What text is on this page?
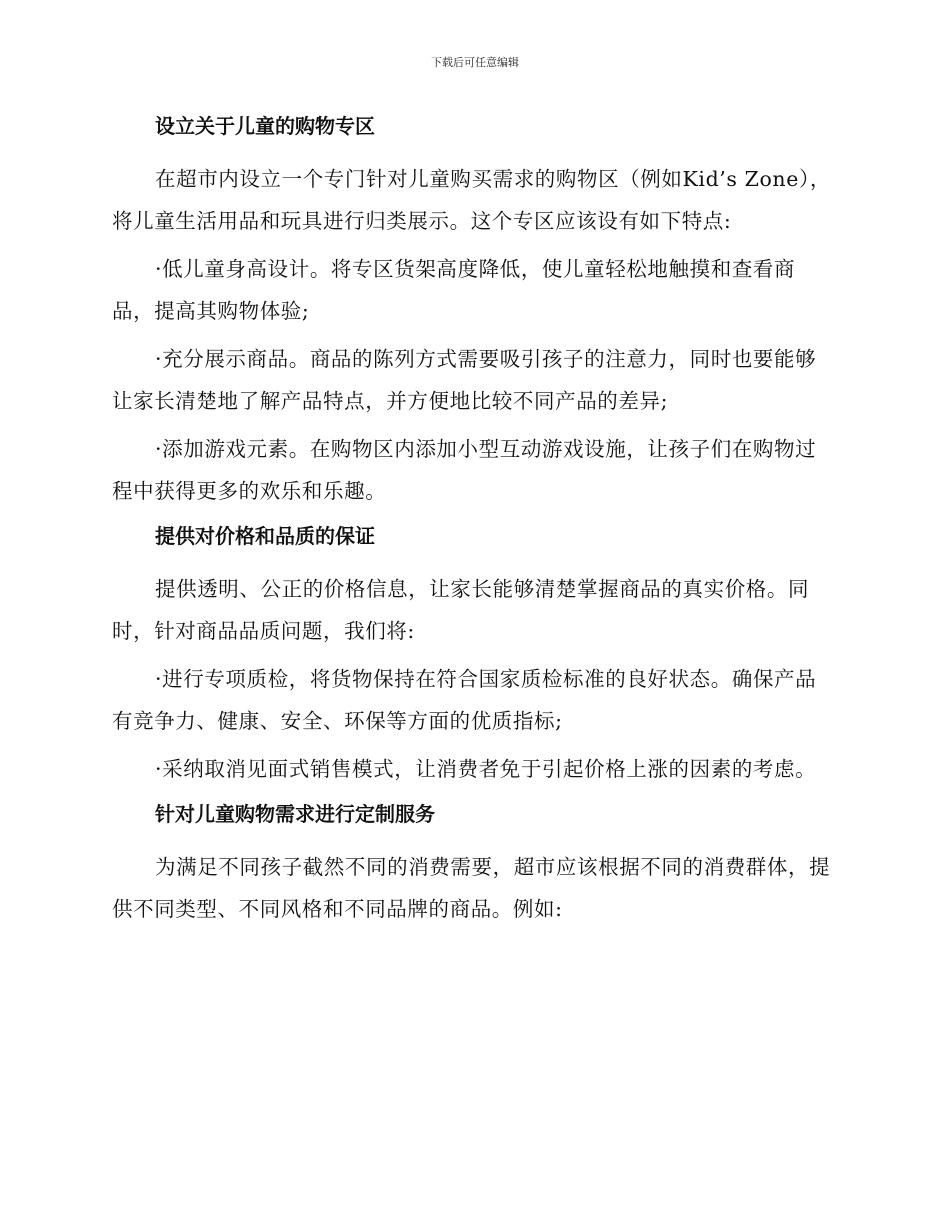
下载后可任意编辑
设立关于儿童的购物专区

在超市内设立一个专门针对儿童购买需求的购物区（例如Kid’s Zone），将儿童生活用品和玩具进行归类展示。这个专区应该设有如下特点:

·低儿童身高设计。将专区货架高度降低，使儿童轻松地触摸和查看商品，提高其购物体验;

·充分展示商品。商品的陈列方式需要吸引孩子的注意力，同时也要能够让家长清楚地了解产品特点，并方便地比较不同产品的差异;

·添加游戏元素。在购物区内添加小型互动游戏设施，让孩子们在购物过程中获得更多的欢乐和乐趣。

提供对价格和品质的保证

提供透明、公正的价格信息，让家长能够清楚掌握商品的真实价格。同时，针对商品品质问题，我们将:

·进行专项质检，将货物保持在符合国家质检标准的良好状态。确保产品有竞争力、健康、安全、环保等方面的优质指标;

·采纳取消见面式销售模式，让消费者免于引起价格上涨的因素的考虑。

针对儿童购物需求进行定制服务

为满足不同孩子截然不同的消费需要，超市应该根据不同的消费群体，提供不同类型、不同风格和不同品牌的商品。例如:
